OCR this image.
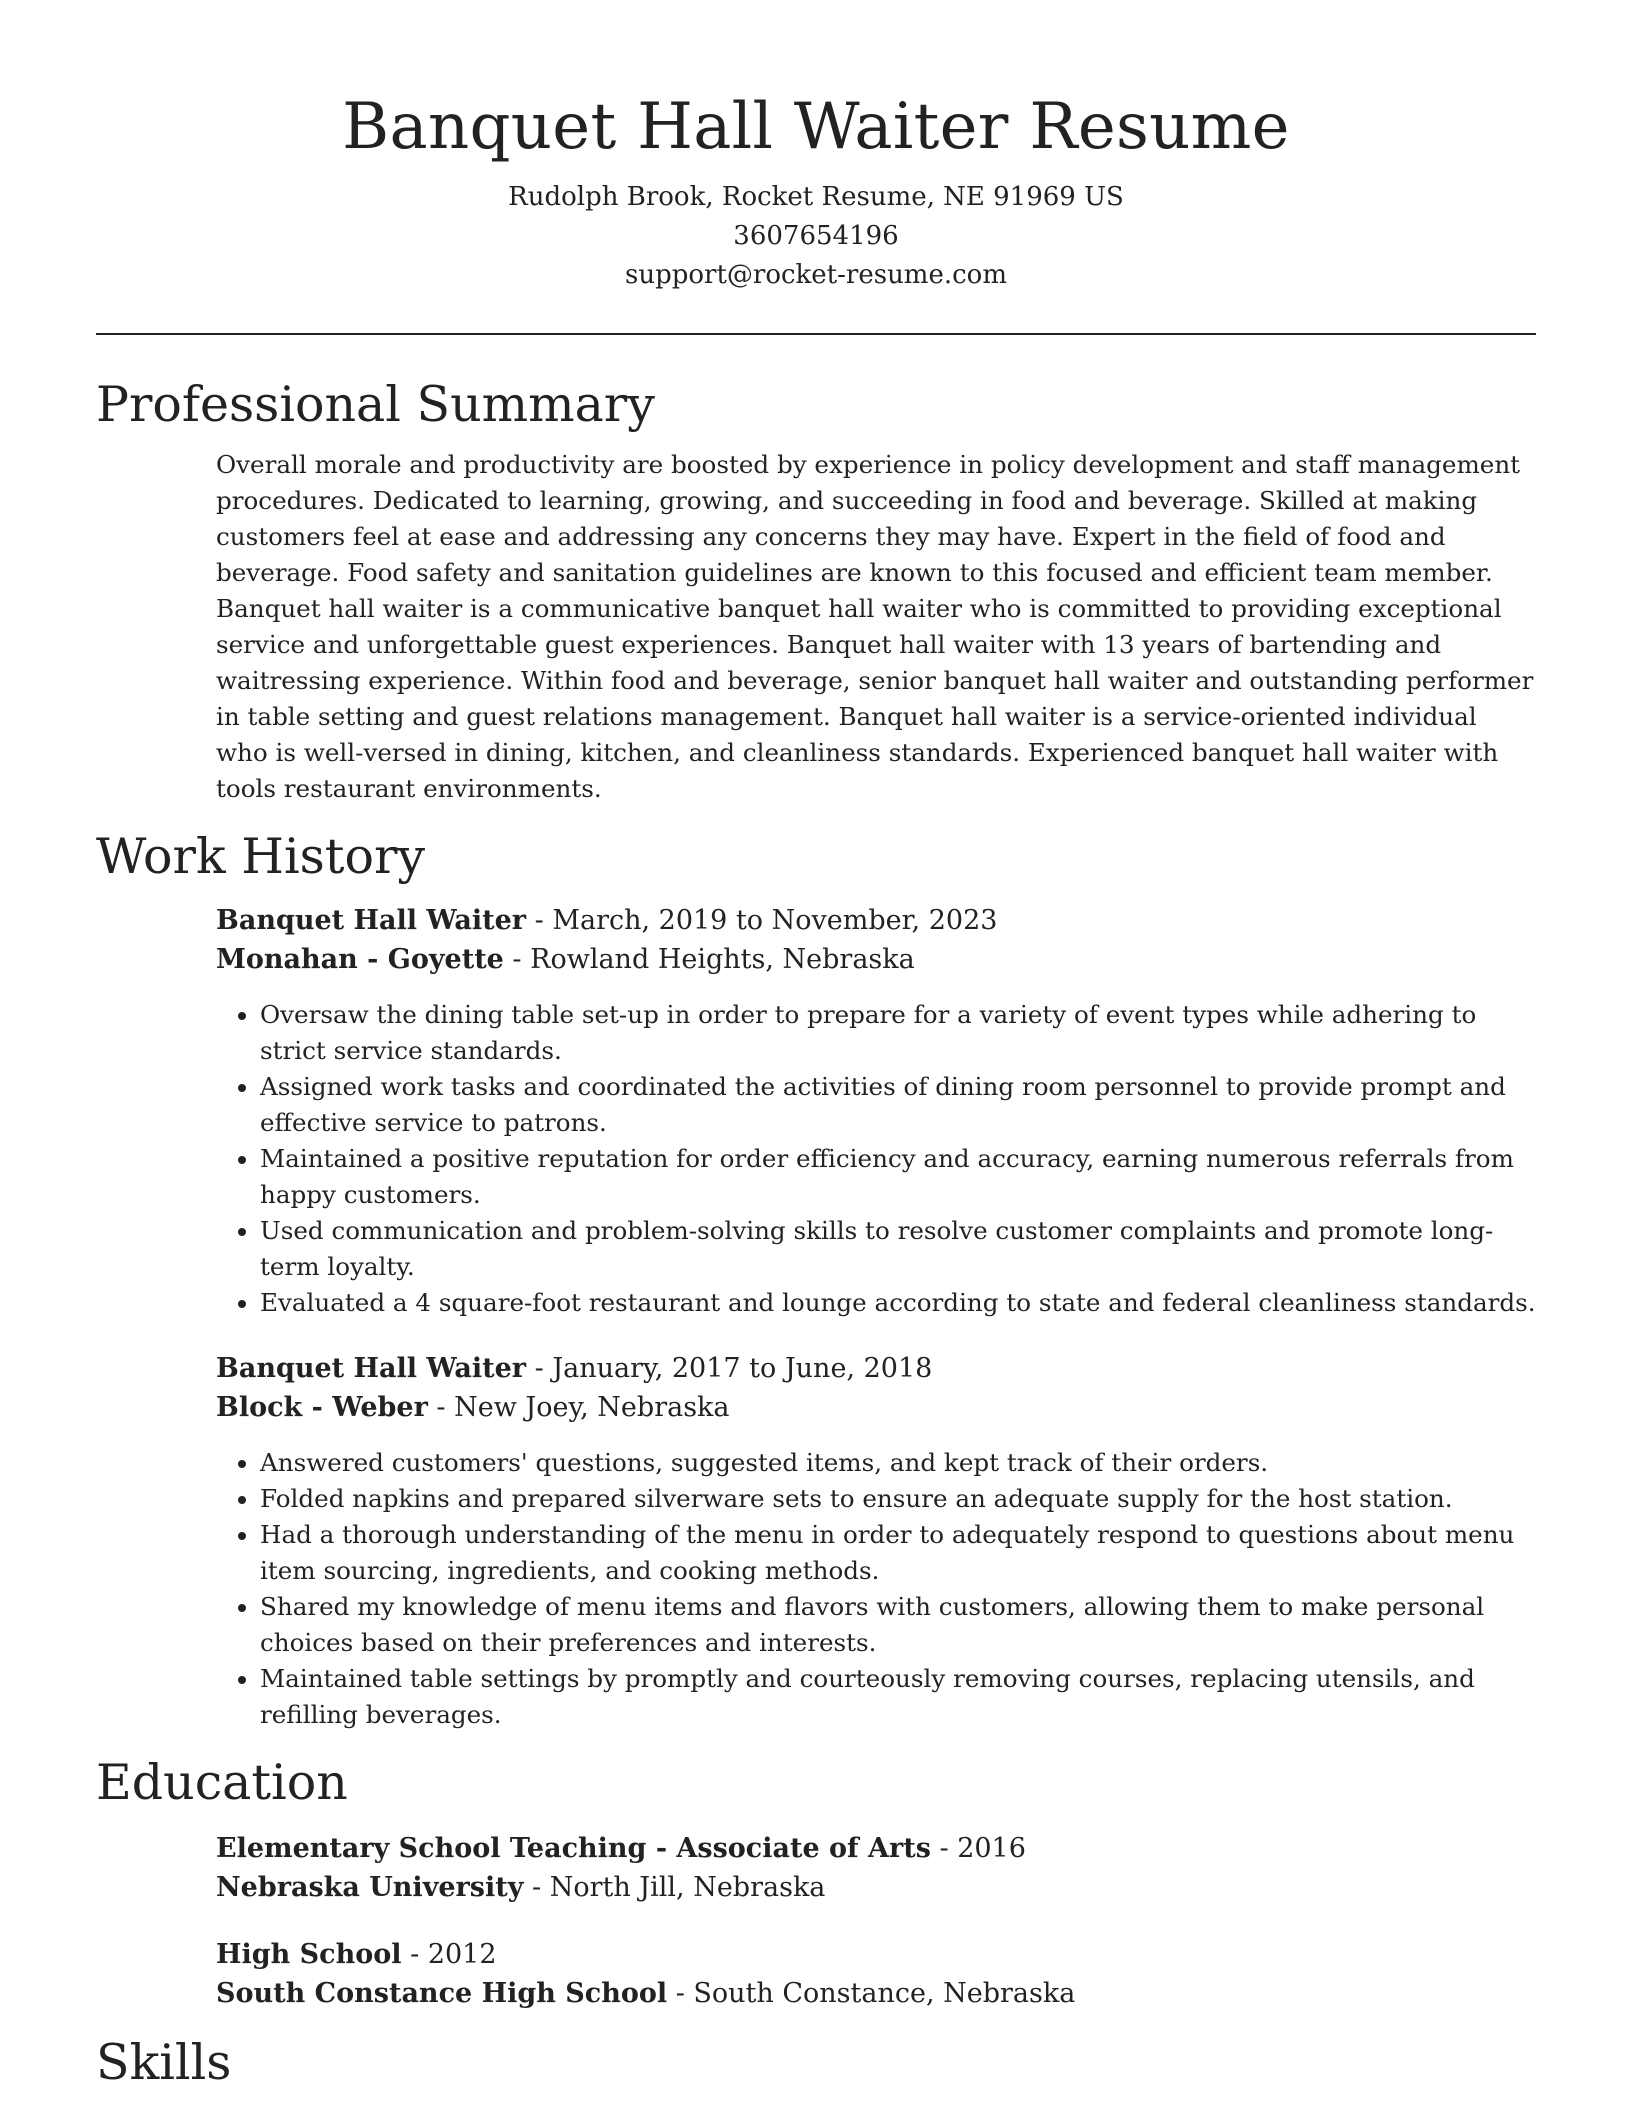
Banquet Hall Waiter Resume

Rudolph Brook, Rocket Resume, NE 91969 US

3607654196

support@rocket-resume.com

Professional Summary

Overall morale and productivity are boosted by experience in policy development and staff management procedures. Dedicated to learning, growing, and succeeding in food and beverage. Skilled at making customers feel at ease and addressing any concerns they may have. Expert in the field of food and beverage. Food safety and sanitation guidelines are known to this focused and efficient team member. Banquet hall waiter is a communicative banquet hall waiter who is committed to providing exceptional service and unforgettable guest experiences. Banquet hall waiter with 13 years of bartending and waitressing experience. Within food and beverage, senior banquet hall waiter and outstanding performer in table setting and guest relations management. Banquet hall waiter is a service-oriented individual who is well-versed in dining, kitchen, and cleanliness standards. Experienced banquet hall waiter with tools restaurant environments.

Work History

Banquet Hall Waiter - March, 2019 to November, 2023

Monahan - Goyette - Rowland Heights, Nebraska

• Oversaw the dining table set-up in order to prepare for a variety of event types while adhering to strict service standards.
• Assigned work tasks and coordinated the activities of dining room personnel to provide prompt and effective service to patrons.
• Maintained a positive reputation for order efficiency and accuracy, earning numerous referrals from happy customers.
• Used communication and problem-solving skills to resolve customer complaints and promote long-term loyalty.
• Evaluated a 4 square-foot restaurant and lounge according to state and federal cleanliness standards.

Banquet Hall Waiter - January, 2017 to June, 2018

Block - Weber - New Joey, Nebraska

• Answered customers' questions, suggested items, and kept track of their orders.
• Folded napkins and prepared silverware sets to ensure an adequate supply for the host station.
• Had a thorough understanding of the menu in order to adequately respond to questions about menu item sourcing, ingredients, and cooking methods.
• Shared my knowledge of menu items and flavors with customers, allowing them to make personal choices based on their preferences and interests.
• Maintained table settings by promptly and courteously removing courses, replacing utensils, and refilling beverages.
Education

Elementary School Teaching - Associate of Arts - 2016

Nebraska University - North Jill, Nebraska

High School - 2012

South Constance High School - South Constance, Nebraska

Skills
